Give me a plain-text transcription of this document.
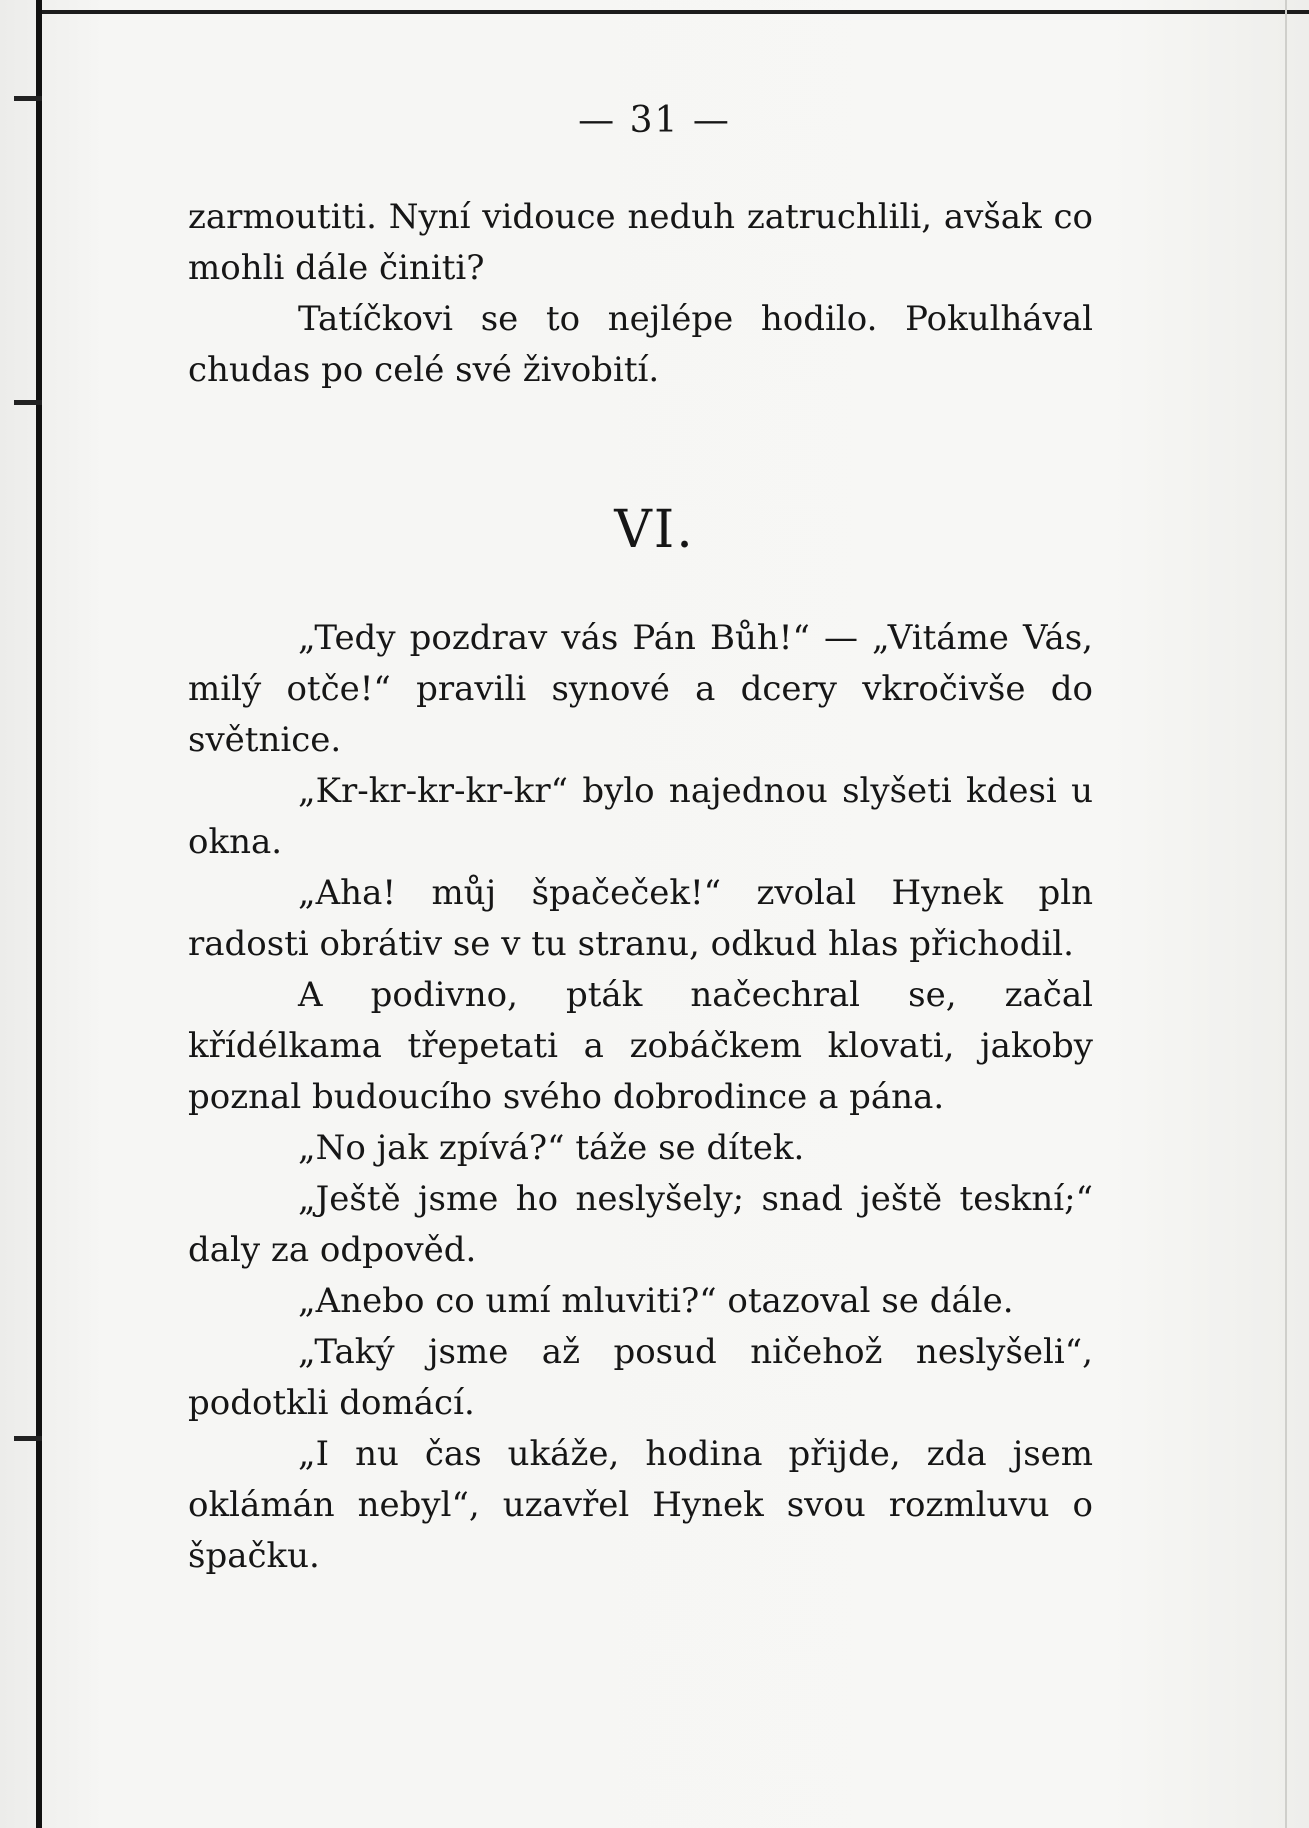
— 31 —

zarmoutiti. Nyní vidouce neduh zatruchlili, avšak co mohli dále činiti?

Tatíčkovi se to nejlépe hodilo. Pokulhával chudas po celé své živobití.

VI.

„Tedy pozdrav vás Pán Bůh!“ — „Vitáme Vás, milý otče!“ pravili synové a dcery vkročivše do světnice.

„Kr-kr-kr-kr-kr“ bylo najednou slyšeti kdesi u okna.

„Aha! můj špačeček!“ zvolal Hynek pln radosti obrátiv se v tu stranu, odkud hlas přichodil.

A podivno, pták načechral se, začal křídélkama třepetati a zobáčkem klovati, jakoby poznal budoucího svého dobrodince a pána.

„No jak zpívá?“ táže se dítek.

„Ještě jsme ho neslyšely; snad ještě teskní;“ daly za odpověd.

„Anebo co umí mluviti?“ otazoval se dále.

„Taký jsme až posud ničehož neslyšeli“, podotkli domácí.

„I nu čas ukáže, hodina přijde, zda jsem oklámán nebyl“, uzavřel Hynek svou rozmluvu o špačku.
